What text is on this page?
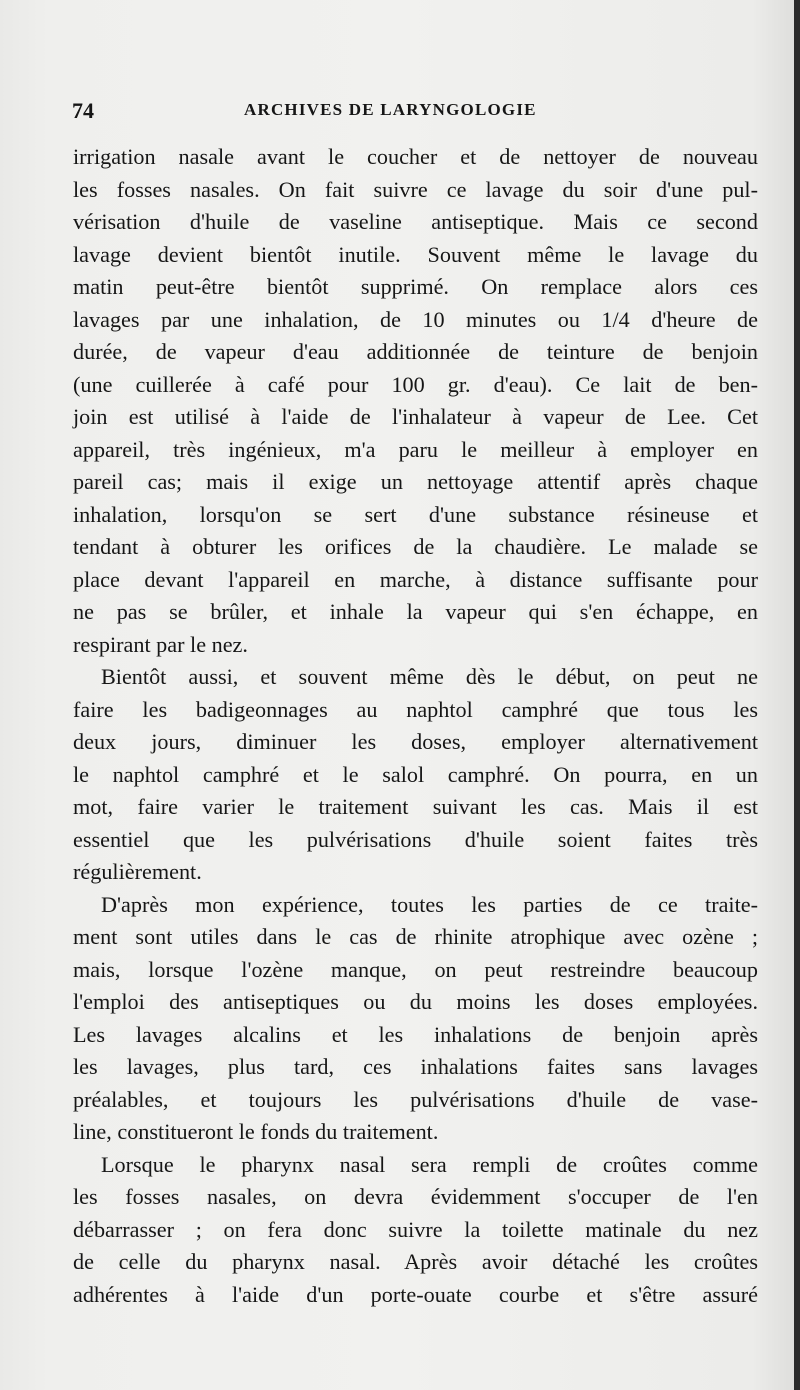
74	ARCHIVES DE LARYNGOLOGIE
irrigation nasale avant le coucher et de nettoyer de nouveau
les fosses nasales. On fait suivre ce lavage du soir d'une pul-
vérisation d'huile de vaseline antiseptique. Mais ce second
lavage devient bientôt inutile. Souvent même le lavage du
matin peut-être bientôt supprimé. On remplace alors ces
lavages par une inhalation, de 10 minutes ou 1/4 d'heure de
durée, de vapeur d'eau additionnée de teinture de benjoin
(une cuillerée à café pour 100 gr. d'eau). Ce lait de ben-
join est utilisé à l'aide de l'inhalateur à vapeur de Lee. Cet
appareil, très ingénieux, m'a paru le meilleur à employer en
pareil cas; mais il exige un nettoyage attentif après chaque
inhalation, lorsqu'on se sert d'une substance résineuse et
tendant à obturer les orifices de la chaudière. Le malade se
place devant l'appareil en marche, à distance suffisante pour
ne pas se brûler, et inhale la vapeur qui s'en échappe, en
respirant par le nez.
Bientôt aussi, et souvent même dès le début, on peut ne
faire les badigeonnages au naphtol camphré que tous les
deux jours, diminuer les doses, employer alternativement
le naphtol camphré et le salol camphré. On pourra, en un
mot, faire varier le traitement suivant les cas. Mais il est
essentiel que les pulvérisations d'huile soient faites très
régulièrement.
D'après mon expérience, toutes les parties de ce traite-
ment sont utiles dans le cas de rhinite atrophique avec ozène ;
mais, lorsque l'ozène manque, on peut restreindre beaucoup
l'emploi des antiseptiques ou du moins les doses employées.
Les lavages alcalins et les inhalations de benjoin après
les lavages, plus tard, ces inhalations faites sans lavages
préalables, et toujours les pulvérisations d'huile de vase-
line, constitueront le fonds du traitement.
Lorsque le pharynx nasal sera rempli de croûtes comme
les fosses nasales, on devra évidemment s'occuper de l'en
débarrasser ; on fera donc suivre la toilette matinale du nez
de celle du pharynx nasal. Après avoir détaché les croûtes
adhérentes à l'aide d'un porte-ouate courbe et s'être assuré
